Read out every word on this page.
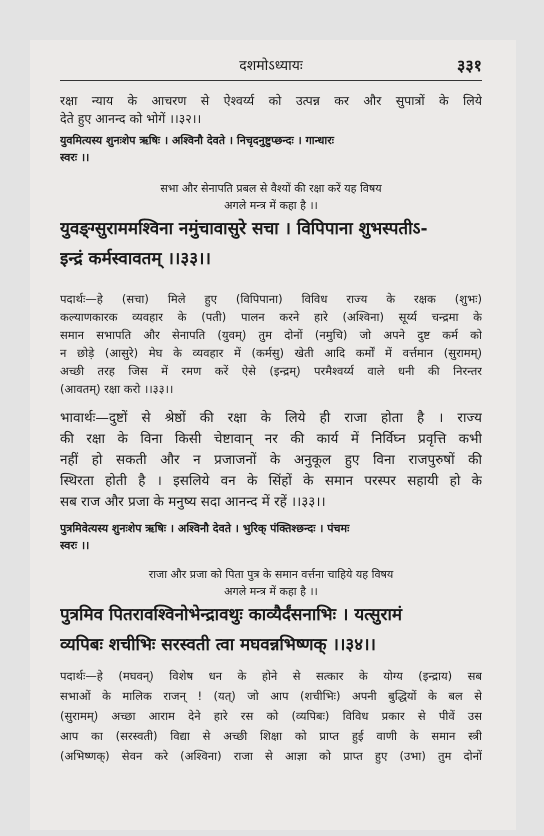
दशमोऽध्यायः	३३१
रक्षा न्याय के आचरण से ऐश्वर्य्य को उत्पन्न कर और सुपात्रों के लिये
देते हुए आनन्द को भोगें ।।३२।।
युवमित्यस्य शुनःशेप ऋषिः । अश्विनौ देवते । निचृदनुष्टुप्छन्दः । गान्धारः
स्वरः ।।
सभा और सेनापति प्रबल से वैश्यों की रक्षा करें यह विषय
अगले मन्त्र में कहा है ।।
युवङ्ग्सुराममश्विना नमुंचावासुरे सचा । विपिपाना शुभस्पतीऽ-
इन्द्रं कर्मस्वावतम् ।।३३।।
पदार्थः—हे (सचा) मिले हुए (विपिपाना) विविध राज्य के रक्षक (शुभः)
कल्याणकारक व्यवहार के (पती) पालन करने हारे (अश्विना) सूर्य्य चन्द्रमा के
समान सभापति और सेनापति (युवम्) तुम दोनों (नमुचि) जो अपने दुष्ट कर्म को
न छोड़े (आसुरे) मेघ के व्यवहार में (कर्मसु) खेती आदि कर्मों में वर्त्तमान (सुरामम्)
अच्छी तरह जिस में रमण करें ऐसे (इन्द्रम्) परमैश्वर्य्य वाले धनी की निरन्तर
(आवतम्) रक्षा करो ।।३३।।
भावार्थः—दुष्टों से श्रेष्ठों की रक्षा के लिये ही राजा होता है । राज्य
की रक्षा के विना किसी चेष्टावान् नर की कार्य में निर्विघ्न प्रवृत्ति कभी
नहीं हो सकती और न प्रजाजनों के अनुकूल हुए विना राजपुरुषों की
स्थिरता होती है । इसलिये वन के सिंहों के समान परस्पर सहायी हो के
सब राज और प्रजा के मनुष्य सदा आनन्द में रहें ।।३३।।
पुत्रमिवेत्यस्य शुनःशेप ऋषिः । अश्विनौ देवते । भुरिक् पंक्तिश्छन्दः । पंचमः
स्वरः ।।
राजा और प्रजा को पिता पुत्र के समान वर्त्तना चाहिये यह विषय
अगले मन्त्र में कहा है ।।
पुत्रमिव पितरावश्विनोभेन्द्रावथुः काव्यैर्दंसनाभिः । यत्सुरामं
व्यपिबः शचीभिः सरस्वती त्वा मघवन्नभिष्णक् ।।३४।।
पदार्थः—हे (मघवन्) विशेष धन के होने से सत्कार के योग्य (इन्द्राय) सब
सभाओं के मालिक राजन् ! (यत्) जो आप (शचीभिः) अपनी बुद्धियों के बल से
(सुरामम्) अच्छा आराम देने हारे रस को (व्यपिबः) विविध प्रकार से पीवें उस
आप का (सरस्वती) विद्या से अच्छी शिक्षा को प्राप्त हुई वाणी के समान स्त्री
(अभिष्णक्) सेवन करे (अश्विना) राजा से आज्ञा को प्राप्त हुए (उभा) तुम दोनों
